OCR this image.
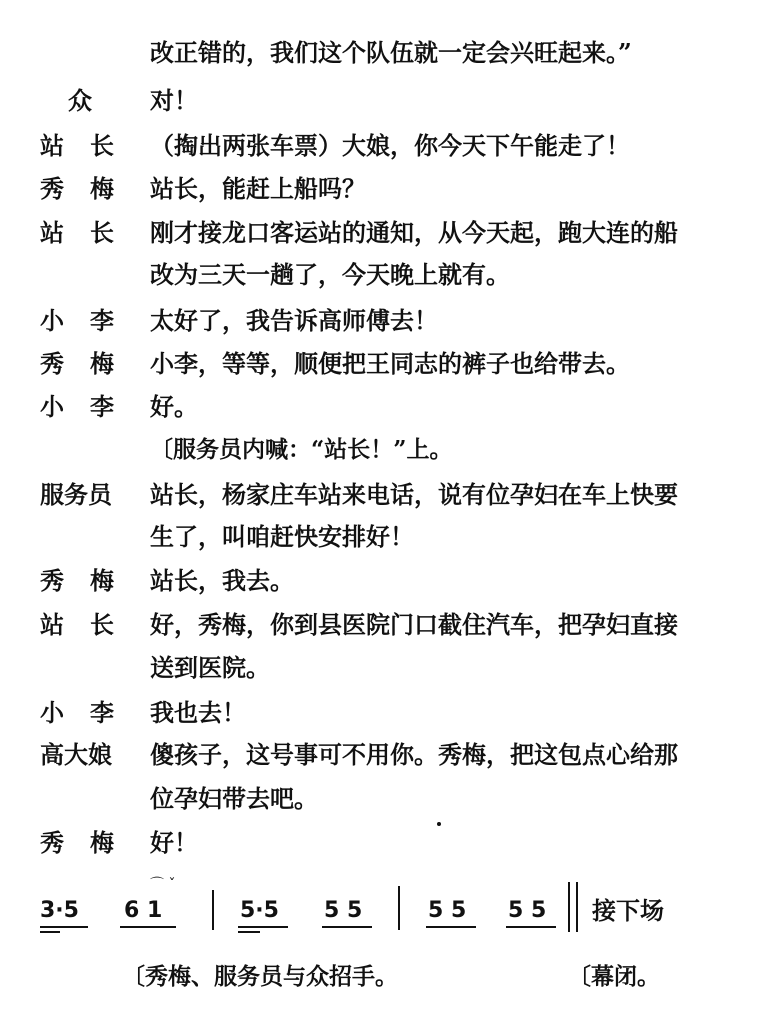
改正错的，我们这个队伍就一定会兴旺起来。”
众	对！
站长 （掏出两张车票）大娘，你今天下午能走了！
秀梅 站长，能赶上船吗？
站长 刚才接龙口客运站的通知，从今天起，跑大连的船
改为三天一趟了，今天晚上就有。
小李 太好了，我告诉高师傅去！
秀梅 小李，等等，顺便把王同志的裤子也给带去。
小李 好。
〔服务员内喊：“站长！”上。
服务员	站长，杨家庄车站来电话，说有位孕妇在车上快要
生了，叫咱赶快安排好！
秀梅 站长，我去。
站长 好，秀梅，你到县医院门口截住汽车，把孕妇直接
送到医院。
小李 我也去！
高大娘	傻孩子，这号事可不用你。秀梅，把这包点心给那
位孕妇带去吧。
秀梅 好！
3·5 6 1
⌒ ˇ
5·5 5 5	5 5 5 5 接下场
〔秀梅、服务员与众招手。	〔幕闭。
